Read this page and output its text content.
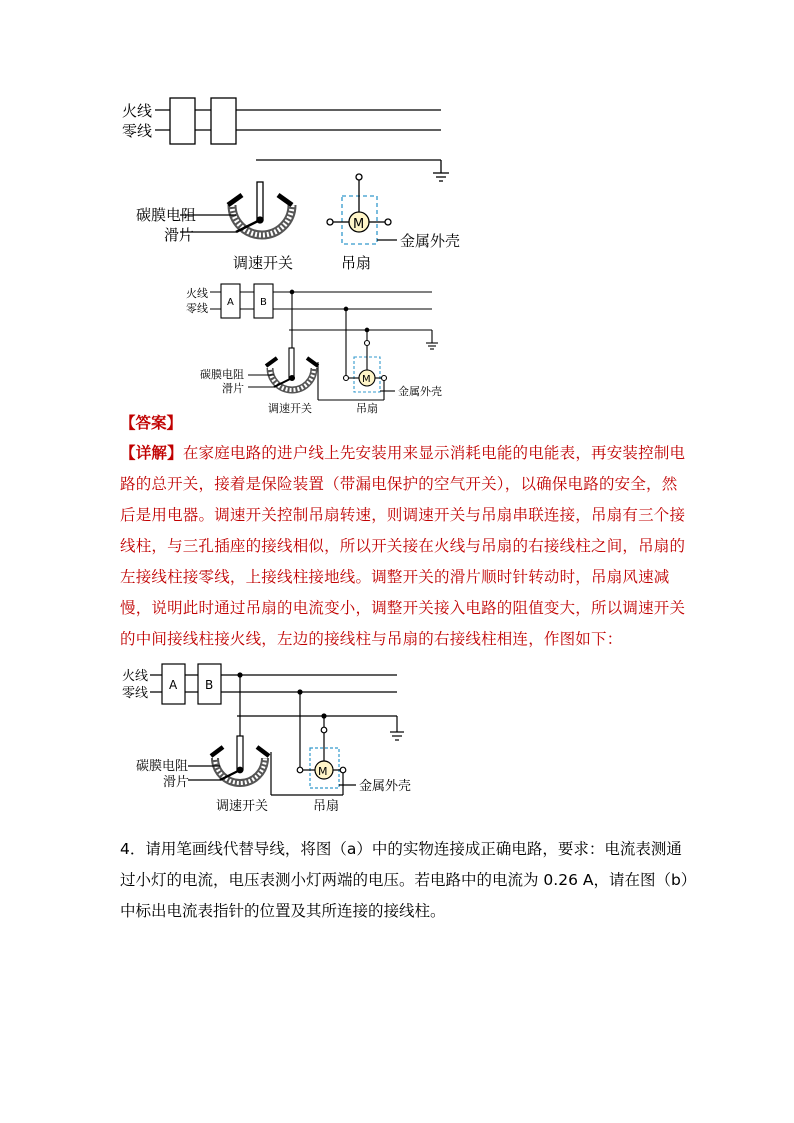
火线
零线
碳膜电阻
滑片
调速开关
M
金属外壳
吊扇
火线
零线
碳膜电阻
滑片
调速开关
A	B
M
金属外壳
吊扇
【答案】
【详解】在家庭电路的进户线上先安装用来显示消耗电能的电能表，再安装控制电路的总开关，接着是保险装置（带漏电保护的空气开关），以确保电路的安全，然后是用电器。调速开关控制吊扇转速，则调速开关与吊扇串联连接，吊扇有三个接线柱，与三孔插座的接线相似，所以开关接在火线与吊扇的右接线柱之间，吊扇的左接线柱接零线，上接线柱接地线。调整开关的滑片顺时针转动时，吊扇风速减慢，说明此时通过吊扇的电流变小，调整开关接入电路的阻值变大，所以调速开关的中间接线柱接火线，左边的接线柱与吊扇的右接线柱相连，作图如下：
火线
零线
碳膜电阻
滑片
调速开关
A B
M
金属外壳
吊扇
4．请用笔画线代替导线，将图（a）中的实物连接成正确电路，要求：电流表测通过小灯的电流，电压表测小灯两端的电压。若电路中的电流为 0.26 A，请在图（b）中标出电流表指针的位置及其所连接的接线柱。
